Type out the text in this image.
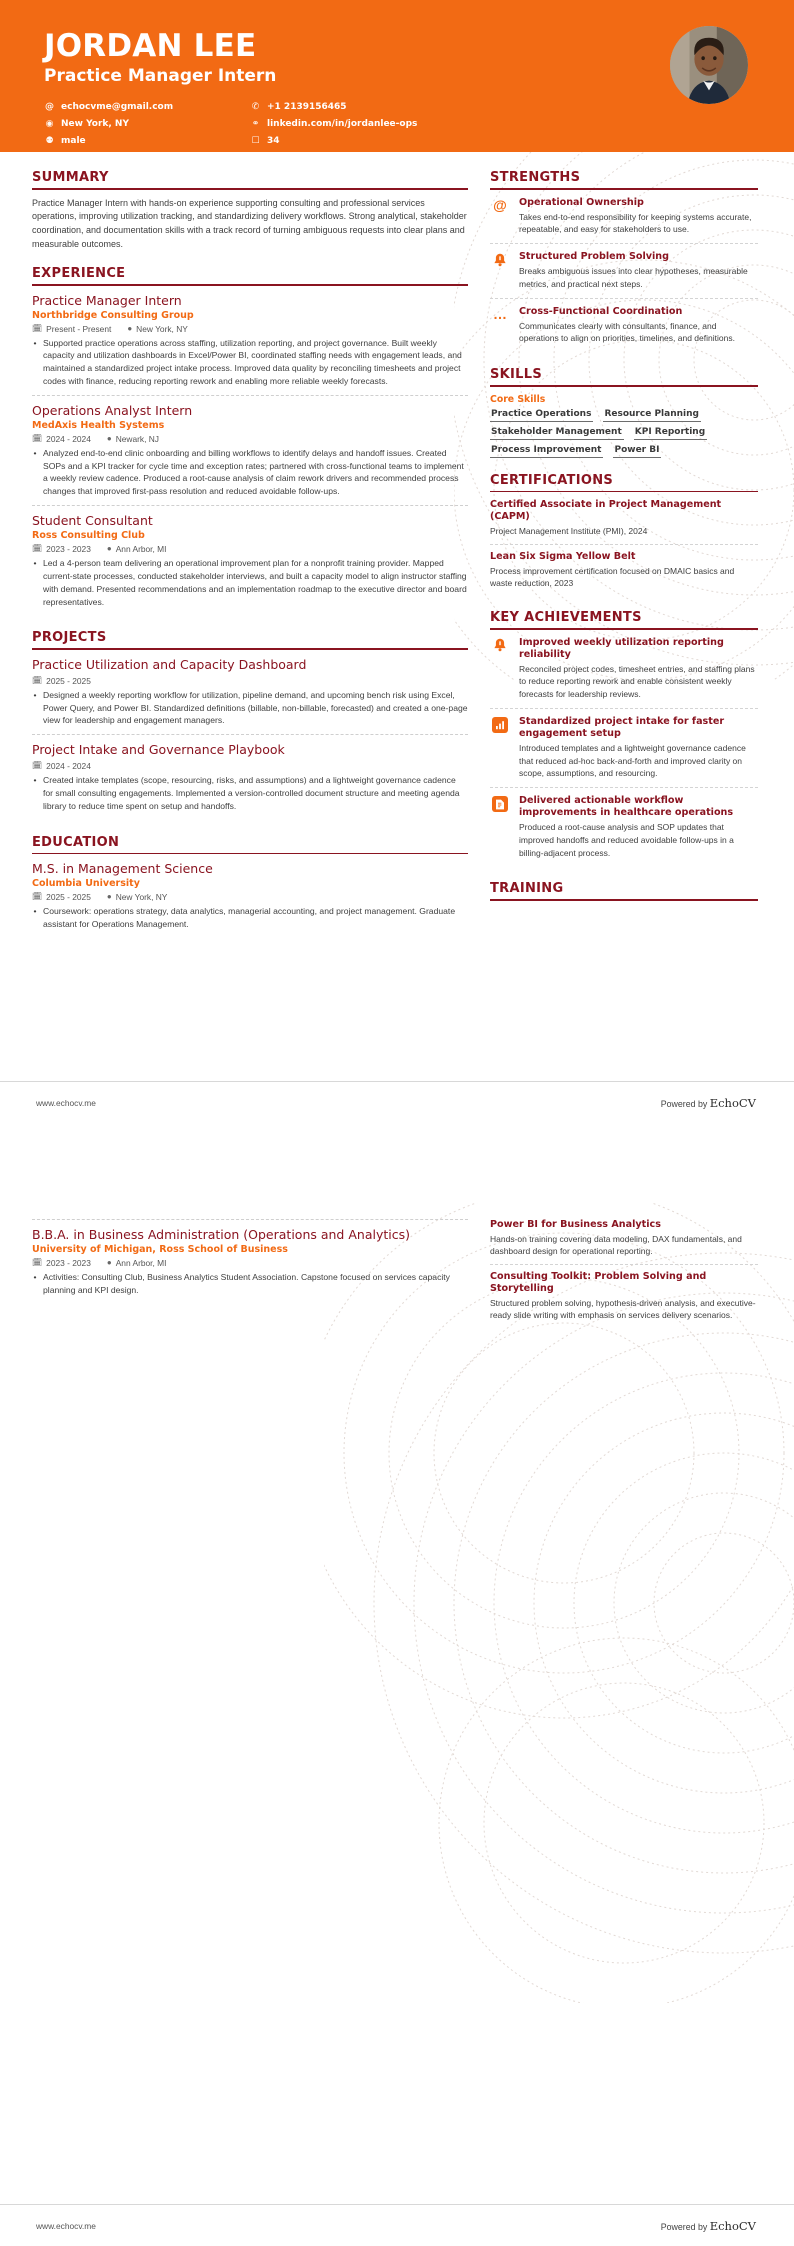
JORDAN LEE
Practice Manager Intern
@ echocvme@gmail.com	✆ +1 2139156465
◉ New York, NY	⚭ linkedin.com/in/jordanlee-ops
⚉ male	☐ 34
SUMMARY
Practice Manager Intern with hands-on experience supporting consulting and professional services operations, improving utilization tracking, and standardizing delivery workflows. Strong analytical, stakeholder coordination, and documentation skills with a track record of turning ambiguous requests into clear plans and measurable outcomes.
EXPERIENCE
Practice Manager Intern
Northbridge Consulting Group
🗓 Present - Present ● New York, NY
• Supported practice operations across staffing, utilization reporting, and project governance. Built weekly capacity and utilization dashboards in Excel/Power BI, coordinated staffing needs with engagement leads, and maintained a standardized project intake process. Improved data quality by reconciling timesheets and project codes with finance, reducing reporting rework and enabling more reliable weekly forecasts.
Operations Analyst Intern
MedAxis Health Systems
🗓 2024 - 2024 ● Newark, NJ
• Analyzed end-to-end clinic onboarding and billing workflows to identify delays and handoff issues. Created SOPs and a KPI tracker for cycle time and exception rates; partnered with cross-functional teams to implement a weekly review cadence. Produced a root-cause analysis of claim rework drivers and recommended process changes that improved first-pass resolution and reduced avoidable follow-ups.
Student Consultant
Ross Consulting Club
🗓 2023 - 2023 ● Ann Arbor, MI
• Led a 4-person team delivering an operational improvement plan for a nonprofit training provider. Mapped current-state processes, conducted stakeholder interviews, and built a capacity model to align instructor staffing with demand. Presented recommendations and an implementation roadmap to the executive director and board representatives.
PROJECTS
Practice Utilization and Capacity Dashboard
🗓 2025 - 2025
• Designed a weekly reporting workflow for utilization, pipeline demand, and upcoming bench risk using Excel, Power Query, and Power BI. Standardized definitions (billable, non-billable, forecasted) and created a one-page view for leadership and engagement managers.
Project Intake and Governance Playbook
🗓 2024 - 2024
• Created intake templates (scope, resourcing, risks, and assumptions) and a lightweight governance cadence for small consulting engagements. Implemented a version-controlled document structure and meeting agenda library to reduce time spent on setup and handoffs.
EDUCATION
M.S. in Management Science
Columbia University
🗓 2025 - 2025 ● New York, NY
• Coursework: operations strategy, data analytics, managerial accounting, and project management. Graduate assistant for Operations Management.
STRENGTHS
@ Operational Ownership
Takes end-to-end responsibility for keeping systems accurate, repeatable, and easy for stakeholders to use.
Structured Problem Solving
Breaks ambiguous issues into clear hypotheses, measurable metrics, and practical next steps.
… Cross-Functional Coordination
Communicates clearly with consultants, finance, and operations to align on priorities, timelines, and definitions.
SKILLS
Core Skills
Practice Operations Resource Planning
Stakeholder Management KPI Reporting
Process Improvement Power BI
CERTIFICATIONS
Certified Associate in Project Management (CAPM)
Project Management Institute (PMI), 2024
Lean Six Sigma Yellow Belt
Process improvement certification focused on DMAIC basics and waste reduction, 2023
KEY ACHIEVEMENTS
Improved weekly utilization reporting reliability
Reconciled project codes, timesheet entries, and staffing plans to reduce reporting rework and enable consistent weekly forecasts for leadership reviews.
Standardized project intake for faster engagement setup
Introduced templates and a lightweight governance cadence that reduced ad-hoc back-and-forth and improved clarity on scope, assumptions, and resourcing.
Delivered actionable workflow improvements in healthcare operations
Produced a root-cause analysis and SOP updates that improved handoffs and reduced avoidable follow-ups in a billing-adjacent process.
TRAINING
www.echocv.me	Powered by EchoCV
B.B.A. in Business Administration (Operations and Analytics)
University of Michigan, Ross School of Business
🗓 2023 - 2023 ● Ann Arbor, MI
• Activities: Consulting Club, Business Analytics Student Association. Capstone focused on services capacity planning and KPI design.
Power BI for Business Analytics
Hands-on training covering data modeling, DAX fundamentals, and dashboard design for operational reporting.
Consulting Toolkit: Problem Solving and Storytelling
Structured problem solving, hypothesis-driven analysis, and executive-ready slide writing with emphasis on services delivery scenarios.
www.echocv.me	Powered by EchoCV
